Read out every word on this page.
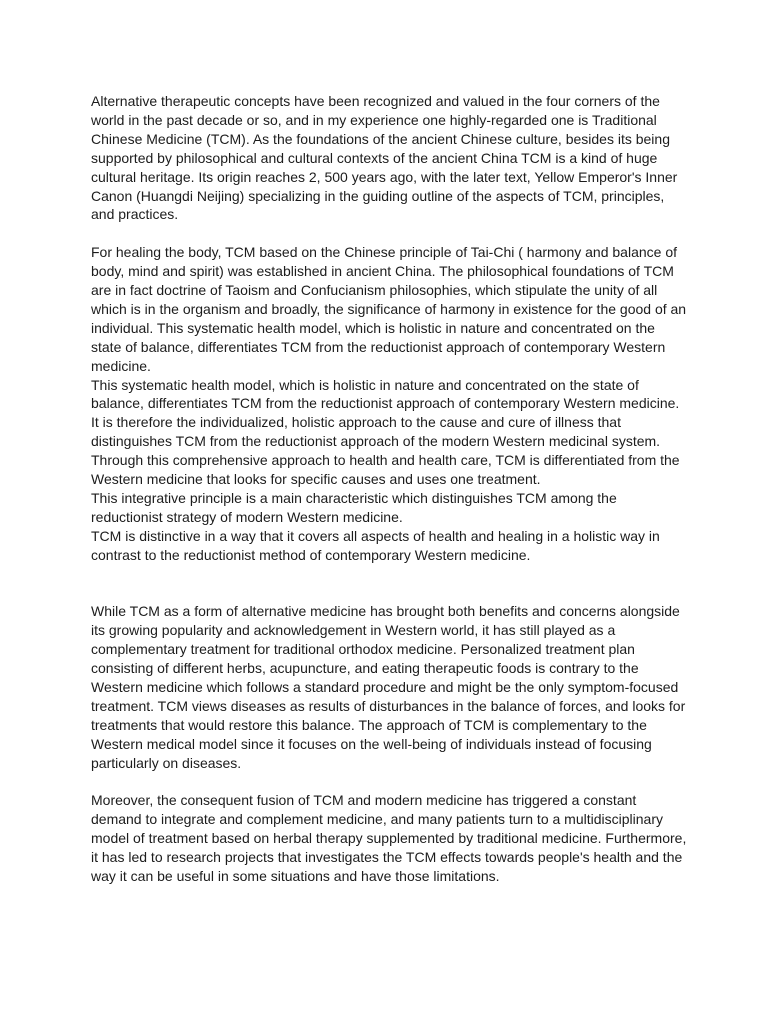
Alternative therapeutic concepts have been recognized and valued in the four corners of the
world in the past decade or so, and in my experience one highly-regarded one is Traditional
Chinese Medicine (TCM). As the foundations of the ancient Chinese culture, besides its being
supported by philosophical and cultural contexts of the ancient China TCM is a kind of huge
cultural heritage. Its origin reaches 2, 500 years ago, with the later text, Yellow Emperor's Inner
Canon (Huangdi Neijing) specializing in the guiding outline of the aspects of TCM, principles,
and practices.

For healing the body, TCM based on the Chinese principle of Tai-Chi ( harmony and balance of
body, mind and spirit) was established in ancient China. The philosophical foundations of TCM
are in fact doctrine of Taoism and Confucianism philosophies, which stipulate the unity of all
which is in the organism and broadly, the significance of harmony in existence for the good of an
individual. This systematic health model, which is holistic in nature and concentrated on the
state of balance, differentiates TCM from the reductionist approach of contemporary Western
medicine.
This systematic health model, which is holistic in nature and concentrated on the state of
balance, differentiates TCM from the reductionist approach of contemporary Western medicine.
It is therefore the individualized, holistic approach to the cause and cure of illness that
distinguishes TCM from the reductionist approach of the modern Western medicinal system.
Through this comprehensive approach to health and health care, TCM is differentiated from the
Western medicine that looks for specific causes and uses one treatment.
This integrative principle is a main characteristic which distinguishes TCM among the
reductionist strategy of modern Western medicine.
TCM is distinctive in a way that it covers all aspects of health and healing in a holistic way in
contrast to the reductionist method of contemporary Western medicine.

While TCM as a form of alternative medicine has brought both benefits and concerns alongside
its growing popularity and acknowledgement in Western world, it has still played as a
complementary treatment for traditional orthodox medicine. Personalized treatment plan
consisting of different herbs, acupuncture, and eating therapeutic foods is contrary to the
Western medicine which follows a standard procedure and might be the only symptom-focused
treatment. TCM views diseases as results of disturbances in the balance of forces, and looks for
treatments that would restore this balance. The approach of TCM is complementary to the
Western medical model since it focuses on the well-being of individuals instead of focusing
particularly on diseases.

Moreover, the consequent fusion of TCM and modern medicine has triggered a constant
demand to integrate and complement medicine, and many patients turn to a multidisciplinary
model of treatment based on herbal therapy supplemented by traditional medicine. Furthermore,
it has led to research projects that investigates the TCM effects towards people's health and the
way it can be useful in some situations and have those limitations.
